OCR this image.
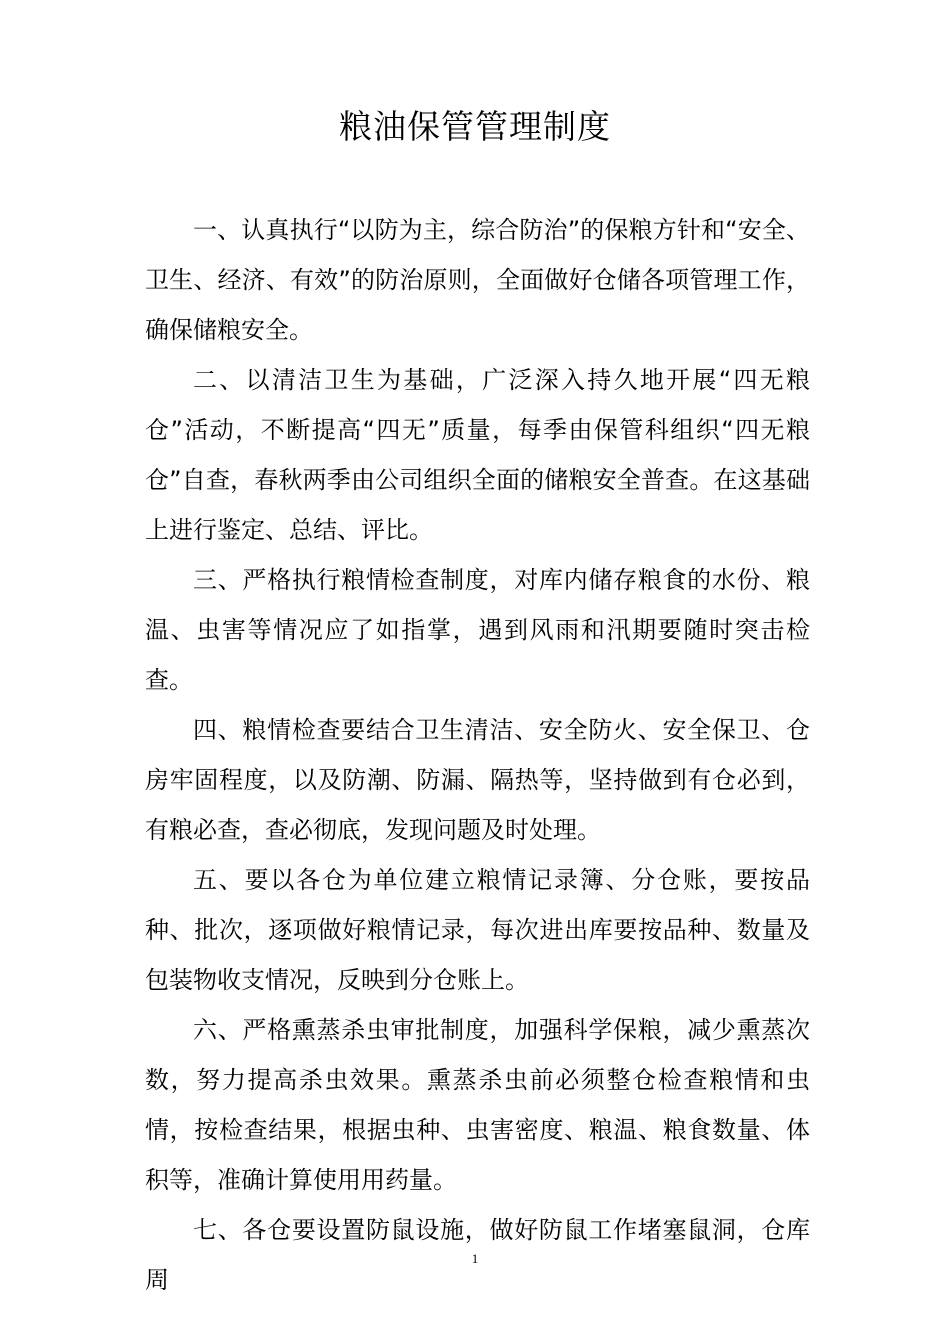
粮油保管管理制度

一、认真执行“以防为主，综合防治”的保粮方针和“安全、卫生、经济、有效”的防治原则，全面做好仓储各项管理工作，确保储粮安全。

二、以清洁卫生为基础，广泛深入持久地开展“四无粮仓”活动，不断提高“四无”质量，每季由保管科组织“四无粮仓”自查，春秋两季由公司组织全面的储粮安全普查。在这基础上进行鉴定、总结、评比。

三、严格执行粮情检查制度，对库内储存粮食的水份、粮温、虫害等情况应了如指掌，遇到风雨和汛期要随时突击检查。

四、粮情检查要结合卫生清洁、安全防火、安全保卫、仓房牢固程度，以及防潮、防漏、隔热等，坚持做到有仓必到，有粮必查，查必彻底，发现问题及时处理。

五、要以各仓为单位建立粮情记录簿、分仓账，要按品种、批次，逐项做好粮情记录，每次进出库要按品种、数量及包装物收支情况，反映到分仓账上。

六、严格熏蒸杀虫审批制度，加强科学保粮，减少熏蒸次数，努力提高杀虫效果。熏蒸杀虫前必须整仓检查粮情和虫情，按检查结果，根据虫种、虫害密度、粮温、粮食数量、体积等，准确计算使用用药量。

七、各仓要设置防鼠设施，做好防鼠工作堵塞鼠洞，仓库周

1
